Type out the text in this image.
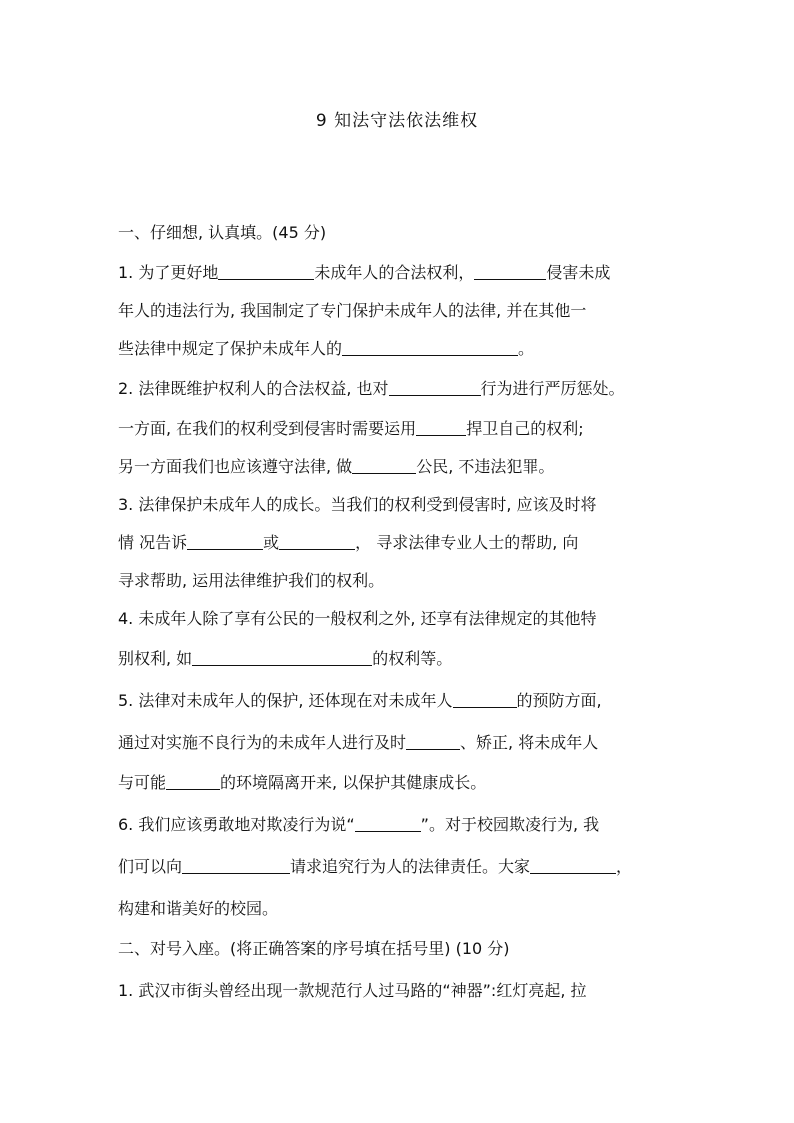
9 知法守法依法维权
一、仔细想, 认真填。(45 分)
1. 为了更好地	未成年人的合法权利，	侵害未成
年人的违法行为, 我国制定了专门保护未成年人的法律, 并在其他一
些法律中规定了保护未成年人的	。
2. 法律既维护权利人的合法权益, 也对	行为进行严厉惩处。
一方面, 在我们的权利受到侵害时需要运用	捍卫自己的权利;
另一方面我们也应该遵守法律, 做	公民, 不违法犯罪。
3. 法律保护未成年人的成长。当我们的权利受到侵害时, 应该及时将
情 况告诉	或	， 寻求法律专业人士的帮助, 向
寻求帮助, 运用法律维护我们的权利。
4. 未成年人除了享有公民的一般权利之外, 还享有法律规定的其他特
别权利, 如	的权利等。
5. 法律对未成年人的保护, 还体现在对未成年人	的预防方面,
通过对实施不良行为的未成年人进行及时	、矫正, 将未成年人
与可能	的环境隔离开来, 以保护其健康成长。
6. 我们应该勇敢地对欺凌行为说“	”。对于校园欺凌行为, 我
们可以向	请求追究行为人的法律责任。大家	，
构建和谐美好的校园。
二、对号入座。(将正确答案的序号填在括号里) (10 分)
1. 武汉市街头曾经出现一款规范行人过马路的“神器”:红灯亮起, 拉
